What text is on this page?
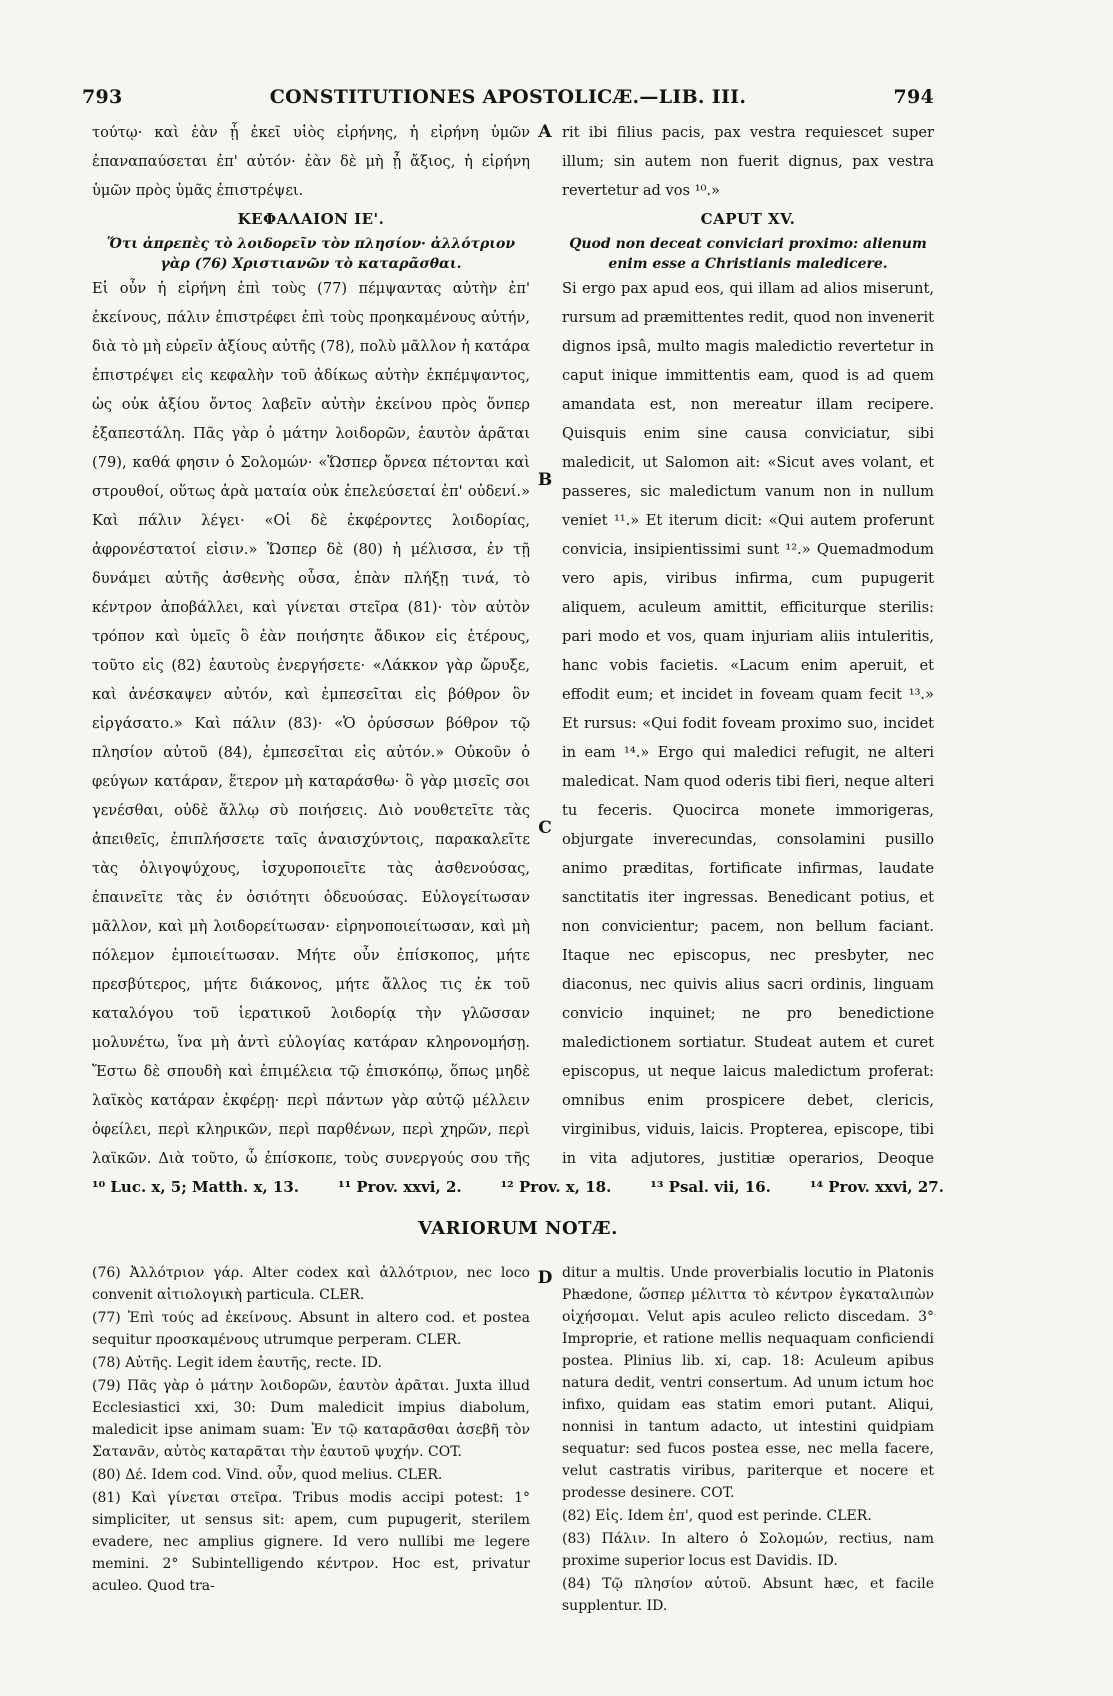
793	CONSTITUTIONES APOSTOLICÆ.—LIB. III.	794

τούτῳ· καὶ ἐὰν ᾖ ἐκεῖ υἱὸς εἰρήνης, ἡ εἰρήνη ὑμῶν ἐπαναπαύσεται ἐπ' αὐτόν· ἐὰν δὲ μὴ ᾖ ἄξιος, ἡ εἰρήνη ὑμῶν πρὸς ὑμᾶς ἐπιστρέψει.

ΚΕΦΑΛΑΙΟΝ ΙΕ'.

Ὅτι ἀπρεπὲς τὸ λοιδορεῖν τὸν πλησίον· ἀλλότριον γὰρ (76) Χριστιανῶν τὸ καταρᾶσθαι.

Εἰ οὖν ἡ εἰρήνη ἐπὶ τοὺς (77) πέμψαντας αὐτὴν ἐπ' ἐκείνους, πάλιν ἐπιστρέφει ἐπὶ τοὺς προηκαμένους αὐτήν, διὰ τὸ μὴ εὑρεῖν ἀξίους αὐτῆς (78), πολὺ μᾶλλον ἡ κατάρα ἐπιστρέψει εἰς κεφαλὴν τοῦ ἀδίκως αὐτὴν ἐκπέμψαντος, ὡς οὐκ ἀξίου ὄντος λαβεῖν αὐτὴν ἐκείνου πρὸς ὅνπερ ἐξαπεστάλη. Πᾶς γὰρ ὁ μάτην λοιδορῶν, ἑαυτὸν ἀρᾶται (79), καθά φησιν ὁ Σολομών· «Ὥσπερ ὄρνεα πέτονται καὶ στρουθοί, οὕτως ἀρὰ ματαία οὐκ ἐπελεύσεταί ἐπ' οὐδενί.» Καὶ πάλιν λέγει· «Οἱ δὲ ἐκφέροντες λοιδορίας, ἀφρονέστατοί εἰσιν.» Ὥσπερ δὲ (80) ἡ μέλισσα, ἐν τῇ δυνάμει αὐτῆς ἀσθενὴς οὖσα, ἐπὰν πλήξῃ τινά, τὸ κέντρον ἀποβάλλει, καὶ γίνεται στεῖρα (81)· τὸν αὐτὸν τρόπον καὶ ὑμεῖς ὃ ἐὰν ποιήσητε ἄδικον εἰς ἑτέρους, τοῦτο εἰς (82) ἑαυτοὺς ἐνεργήσετε· «Λάκκον γὰρ ὤρυξε, καὶ ἀνέσκαψεν αὐτόν, καὶ ἐμπεσεῖται εἰς βόθρον ὃν εἰργάσατο.» Καὶ πάλιν (83)· «Ὁ ὀρύσσων βόθρον τῷ πλησίον αὐτοῦ (84), ἐμπεσεῖται εἰς αὐτόν.» Οὐκοῦν ὁ φεύγων κατάραν, ἕτερον μὴ καταράσθω· ὃ γὰρ μισεῖς σοι γενέσθαι, οὐδὲ ἄλλῳ σὺ ποιήσεις. Διὸ νουθετεῖτε τὰς ἀπειθεῖς, ἐπιπλήσσετε ταῖς ἀναισχύντοις, παρακαλεῖτε τὰς ὀλιγοψύχους, ἰσχυροποιεῖτε τὰς ἀσθενούσας, ἐπαινεῖτε τὰς ἐν ὁσιότητι ὁδευούσας. Εὐλογείτωσαν μᾶλλον, καὶ μὴ λοιδορείτωσαν· εἰρηνοποιείτωσαν, καὶ μὴ πόλεμον ἐμποιείτωσαν. Μήτε οὖν ἐπίσκοπος, μήτε πρεσβύτερος, μήτε διάκονος, μήτε ἄλλος τις ἐκ τοῦ καταλόγου τοῦ ἱερατικοῦ λοιδορίᾳ τὴν γλῶσσαν μολυνέτω, ἵνα μὴ ἀντὶ εὐλογίας κατάραν κληρονομήσῃ. Ἔστω δὲ σπουδὴ καὶ ἐπιμέλεια τῷ ἐπισκόπῳ, ὅπως μηδὲ λαϊκὸς κατάραν ἐκφέρῃ· περὶ πάντων γὰρ αὐτῷ μέλλειν ὀφείλει, περὶ κληρικῶν, περὶ παρθένων, περὶ χηρῶν, περὶ λαϊκῶν. Διὰ τοῦτο, ὦ ἐπίσκοπε, τοὺς συνεργούς σου τῆς

A
B
C
D

rit ibi filius pacis, pax vestra requiescet super illum; sin autem non fuerit dignus, pax vestra revertetur ad vos ¹⁰.»

CAPUT XV.

Quod non deceat conviciari proximo: alienum enim esse a Christianis maledicere.

Si ergo pax apud eos, qui illam ad alios miserunt, rursum ad præmittentes redit, quod non invenerit dignos ipsâ, multo magis maledictio revertetur in caput inique immittentis eam, quod is ad quem amandata est, non mereatur illam recipere. Quisquis enim sine causa conviciatur, sibi maledicit, ut Salomon ait: «Sicut aves volant, et passeres, sic maledictum vanum non in nullum veniet ¹¹.» Et iterum dicit: «Qui autem proferunt convicia, insipientissimi sunt ¹².» Quemadmodum vero apis, viribus infirma, cum pupugerit aliquem, aculeum amittit, efficiturque sterilis: pari modo et vos, quam injuriam aliis intuleritis, hanc vobis facietis. «Lacum enim aperuit, et effodit eum; et incidet in foveam quam fecit ¹³.» Et rursus: «Qui fodit foveam proximo suo, incidet in eam ¹⁴.» Ergo qui maledici refugit, ne alteri maledicat. Nam quod oderis tibi fieri, neque alteri tu feceris. Quocirca monete immorigeras, objurgate inverecundas, consolamini pusillo animo præditas, fortificate infirmas, laudate sanctitatis iter ingressas. Benedicant potius, et non convicientur; pacem, non bellum faciant. Itaque nec episcopus, nec presbyter, nec diaconus, nec quivis alius sacri ordinis, linguam convicio inquinet; ne pro benedictione maledictionem sortiatur. Studeat autem et curet episcopus, ut neque laicus maledictum proferat: omnibus enim prospicere debet, clericis, virginibus, viduis, laicis. Propterea, episcope, tibi in vita adjutores, justitiæ operarios, Deoque

¹⁰ Luc. x, 5; Matth. x, 13.	¹¹ Prov. xxvi, 2.	¹² Prov. x, 18.	¹³ Psal. vii, 16.	¹⁴ Prov. xxvi, 27.
VARIORUM NOTÆ.

(76) Ἀλλότριον γάρ. Alter codex καὶ ἀλλότριον, nec loco convenit αἰτιολογικὴ particula. CLER.

(77) Ἐπὶ τούς ad ἐκείνους. Absunt in altero cod. et postea sequitur προσκαμένους utrumque perperam. CLER.

(78) Αὐτῆς. Legit idem ἑαυτῆς, recte. ID.

(79) Πᾶς γὰρ ὁ μάτην λοιδορῶν, ἑαυτὸν ἀρᾶται. Juxta illud Ecclesiastici xxi, 30: Dum maledicit impius diabolum, maledicit ipse animam suam: Ἐν τῷ καταρᾶσθαι ἀσεβῆ τὸν Σατανᾶν, αὐτὸς καταρᾶται τὴν ἑαυτοῦ ψυχήν. COT.

(80) Δέ. Idem cod. Vind. οὖν, quod melius. CLER.

(81) Καὶ γίνεται στεῖρα. Tribus modis accipi potest: 1° simpliciter, ut sensus sit: apem, cum pupugerit, sterilem evadere, nec amplius gignere. Id vero nullibi me legere memini. 2° Subintelligendo κέντρον. Hoc est, privatur aculeo. Quod tra-

ditur a multis. Unde proverbialis locutio in Platonis Phædone, ὥσπερ μέλιττα τὸ κέντρον ἐγκαταλιπὼν οἰχήσομαι. Velut apis aculeo relicto discedam. 3° Improprie, et ratione mellis nequaquam conficiendi postea. Plinius lib. xi, cap. 18: Aculeum apibus natura dedit, ventri consertum. Ad unum ictum hoc infixo, quidam eas statim emori putant. Aliqui, nonnisi in tantum adacto, ut intestini quidpiam sequatur: sed fucos postea esse, nec mella facere, velut castratis viribus, pariterque et nocere et prodesse desinere. COT.

(82) Εἰς. Idem ἐπ', quod est perinde. CLER.

(83) Πάλιν. In altero ὁ Σολομών, rectius, nam proxime superior locus est Davidis. ID.

(84) Τῷ πλησίον αὐτοῦ. Absunt hæc, et facile supplentur. ID.
